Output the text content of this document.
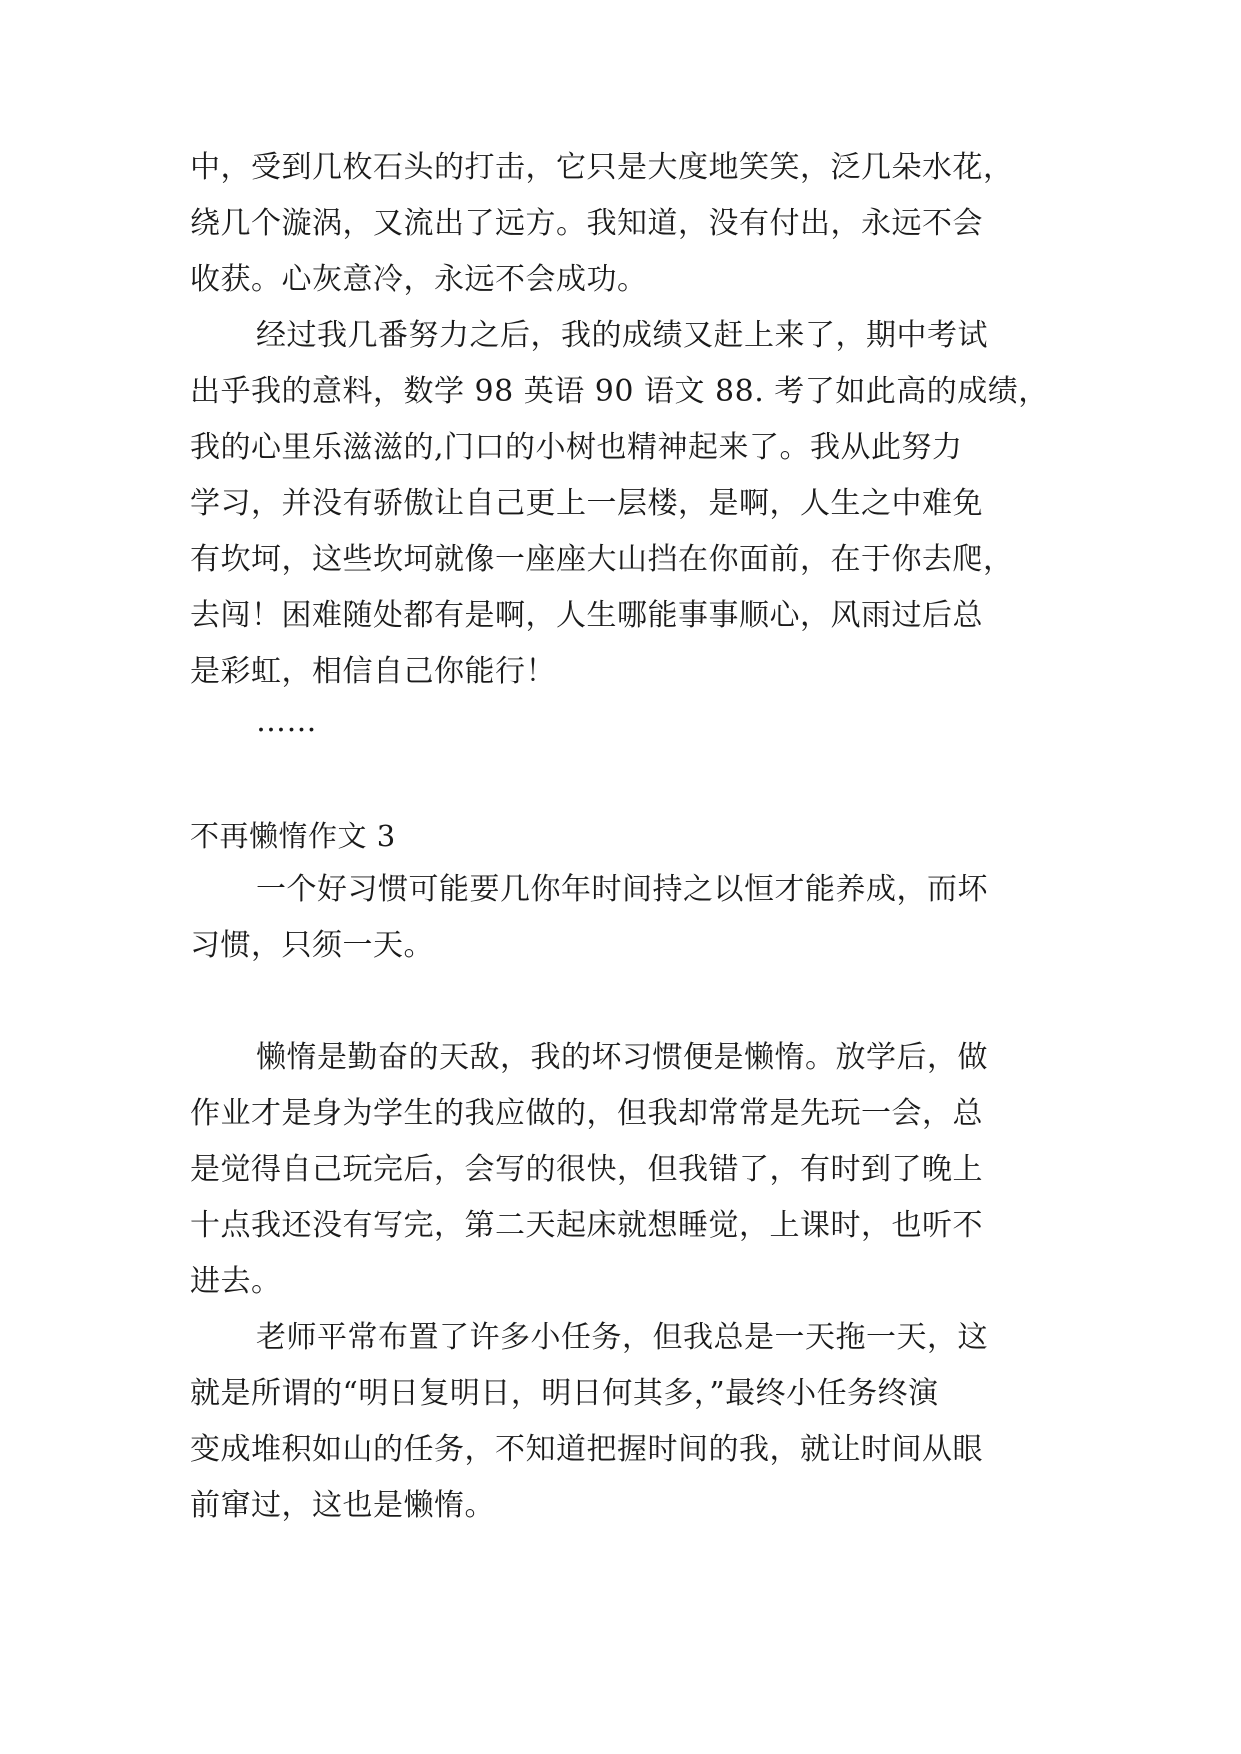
中，受到几枚石头的打击，它只是大度地笑笑，泛几朵水花，
绕几个漩涡，又流出了远方。我知道，没有付出，永远不会
收获。心灰意冷，永远不会成功。
经过我几番努力之后，我的成绩又赶上来了，期中考试
出乎我的意料，数学 98 英语 90 语文 88. 考了如此高的成绩，
我的心里乐滋滋的,门口的小树也精神起来了。我从此努力
学习，并没有骄傲让自己更上一层楼，是啊，人生之中难免
有坎坷，这些坎坷就像一座座大山挡在你面前，在于你去爬，
去闯！困难随处都有是啊，人生哪能事事顺心，风雨过后总
是彩虹，相信自己你能行！
……
不再懒惰作文 3
一个好习惯可能要几你年时间持之以恒才能养成，而坏
习惯，只须一天。
懒惰是勤奋的天敌，我的坏习惯便是懒惰。放学后，做
作业才是身为学生的我应做的，但我却常常是先玩一会，总
是觉得自己玩完后，会写的很快，但我错了，有时到了晚上
十点我还没有写完，第二天起床就想睡觉，上课时，也听不
进去。
老师平常布置了许多小任务，但我总是一天拖一天，这
就是所谓的“明日复明日，明日何其多，”最终小任务终演
变成堆积如山的任务，不知道把握时间的我，就让时间从眼
前窜过，这也是懒惰。
